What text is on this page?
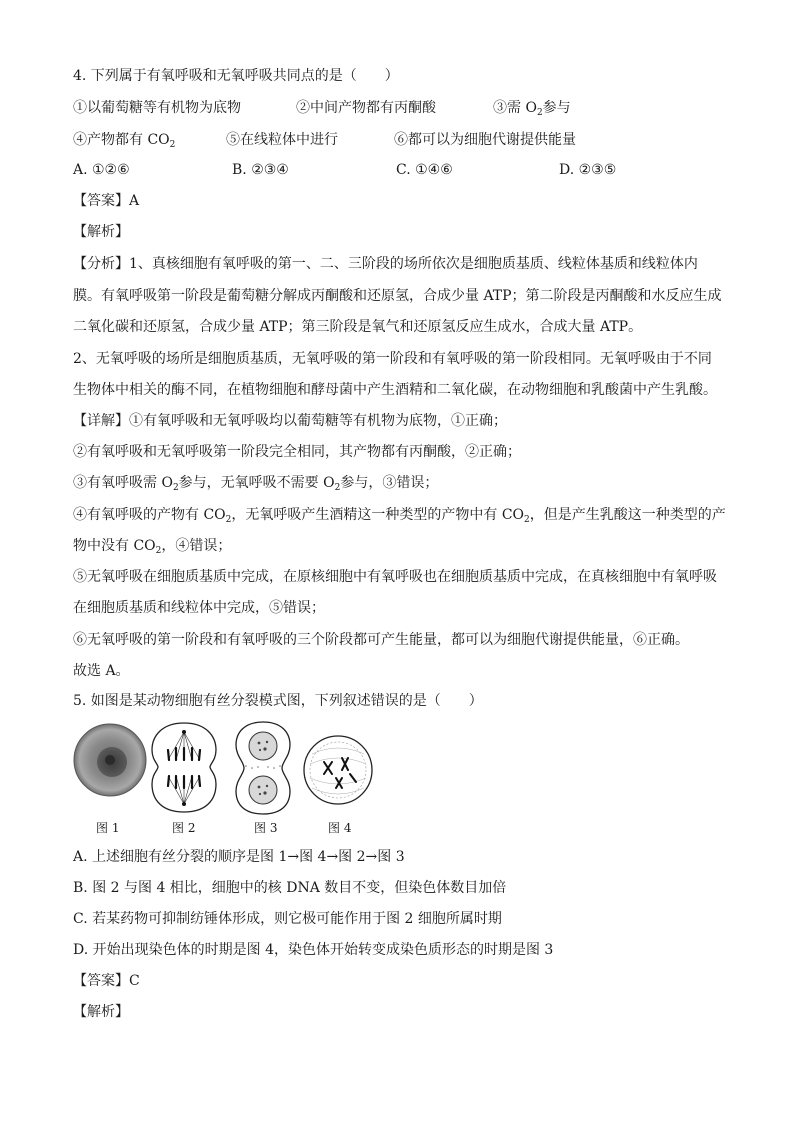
4. 下列属于有氧呼吸和无氧呼吸共同点的是（　　）
①以葡萄糖等有机物为底物	②中间产物都有丙酮酸	③需 $O_2$参与
④产物都有 $CO_2$	⑤在线粒体中进行	⑥都可以为细胞代谢提供能量
A. ①②⑥	B. ②③④	C. ①④⑥	D. ②③⑤
【答案】A
【解析】
【分析】1、真核细胞有氧呼吸的第一、二、三阶段的场所依次是细胞质基质、线粒体基质和线粒体内
膜。有氧呼吸第一阶段是葡萄糖分解成丙酮酸和还原氢，合成少量 ATP；第二阶段是丙酮酸和水反应生成
二氧化碳和还原氢，合成少量 ATP；第三阶段是氧气和还原氢反应生成水，合成大量 ATP。
2、无氧呼吸的场所是细胞质基质，无氧呼吸的第一阶段和有氧呼吸的第一阶段相同。无氧呼吸由于不同
生物体中相关的酶不同，在植物细胞和酵母菌中产生酒精和二氧化碳，在动物细胞和乳酸菌中产生乳酸。
【详解】①有氧呼吸和无氧呼吸均以葡萄糖等有机物为底物，①正确；
②有氧呼吸和无氧呼吸第一阶段完全相同，其产物都有丙酮酸，②正确；
③有氧呼吸需 $O_2$参与，无氧呼吸不需要 $O_2$参与，③错误；
④有氧呼吸的产物有 $CO_2$，无氧呼吸产生酒精这一种类型的产物中有 $CO_2$，但是产生乳酸这一种类型的产
物中没有 $CO_2$，④错误；
⑤无氧呼吸在细胞质基质中完成，在原核细胞中有氧呼吸也在细胞质基质中完成，在真核细胞中有氧呼吸
在细胞质基质和线粒体中完成，⑤错误；
⑥无氧呼吸的第一阶段和有氧呼吸的三个阶段都可产生能量，都可以为细胞代谢提供能量，⑥正确。
故选 A。
5. 如图是某动物细胞有丝分裂模式图，下列叙述错误的是（　　）
图 1	图 2	图 3	图 4
A. 上述细胞有丝分裂的顺序是图 1→图 4→图 2→图 3
B. 图 2 与图 4 相比，细胞中的核 DNA 数目不变，但染色体数目加倍
C. 若某药物可抑制纺锤体形成，则它极可能作用于图 2 细胞所属时期
D. 开始出现染色体的时期是图 4，染色体开始转变成染色质形态的时期是图 3
【答案】C
【解析】
